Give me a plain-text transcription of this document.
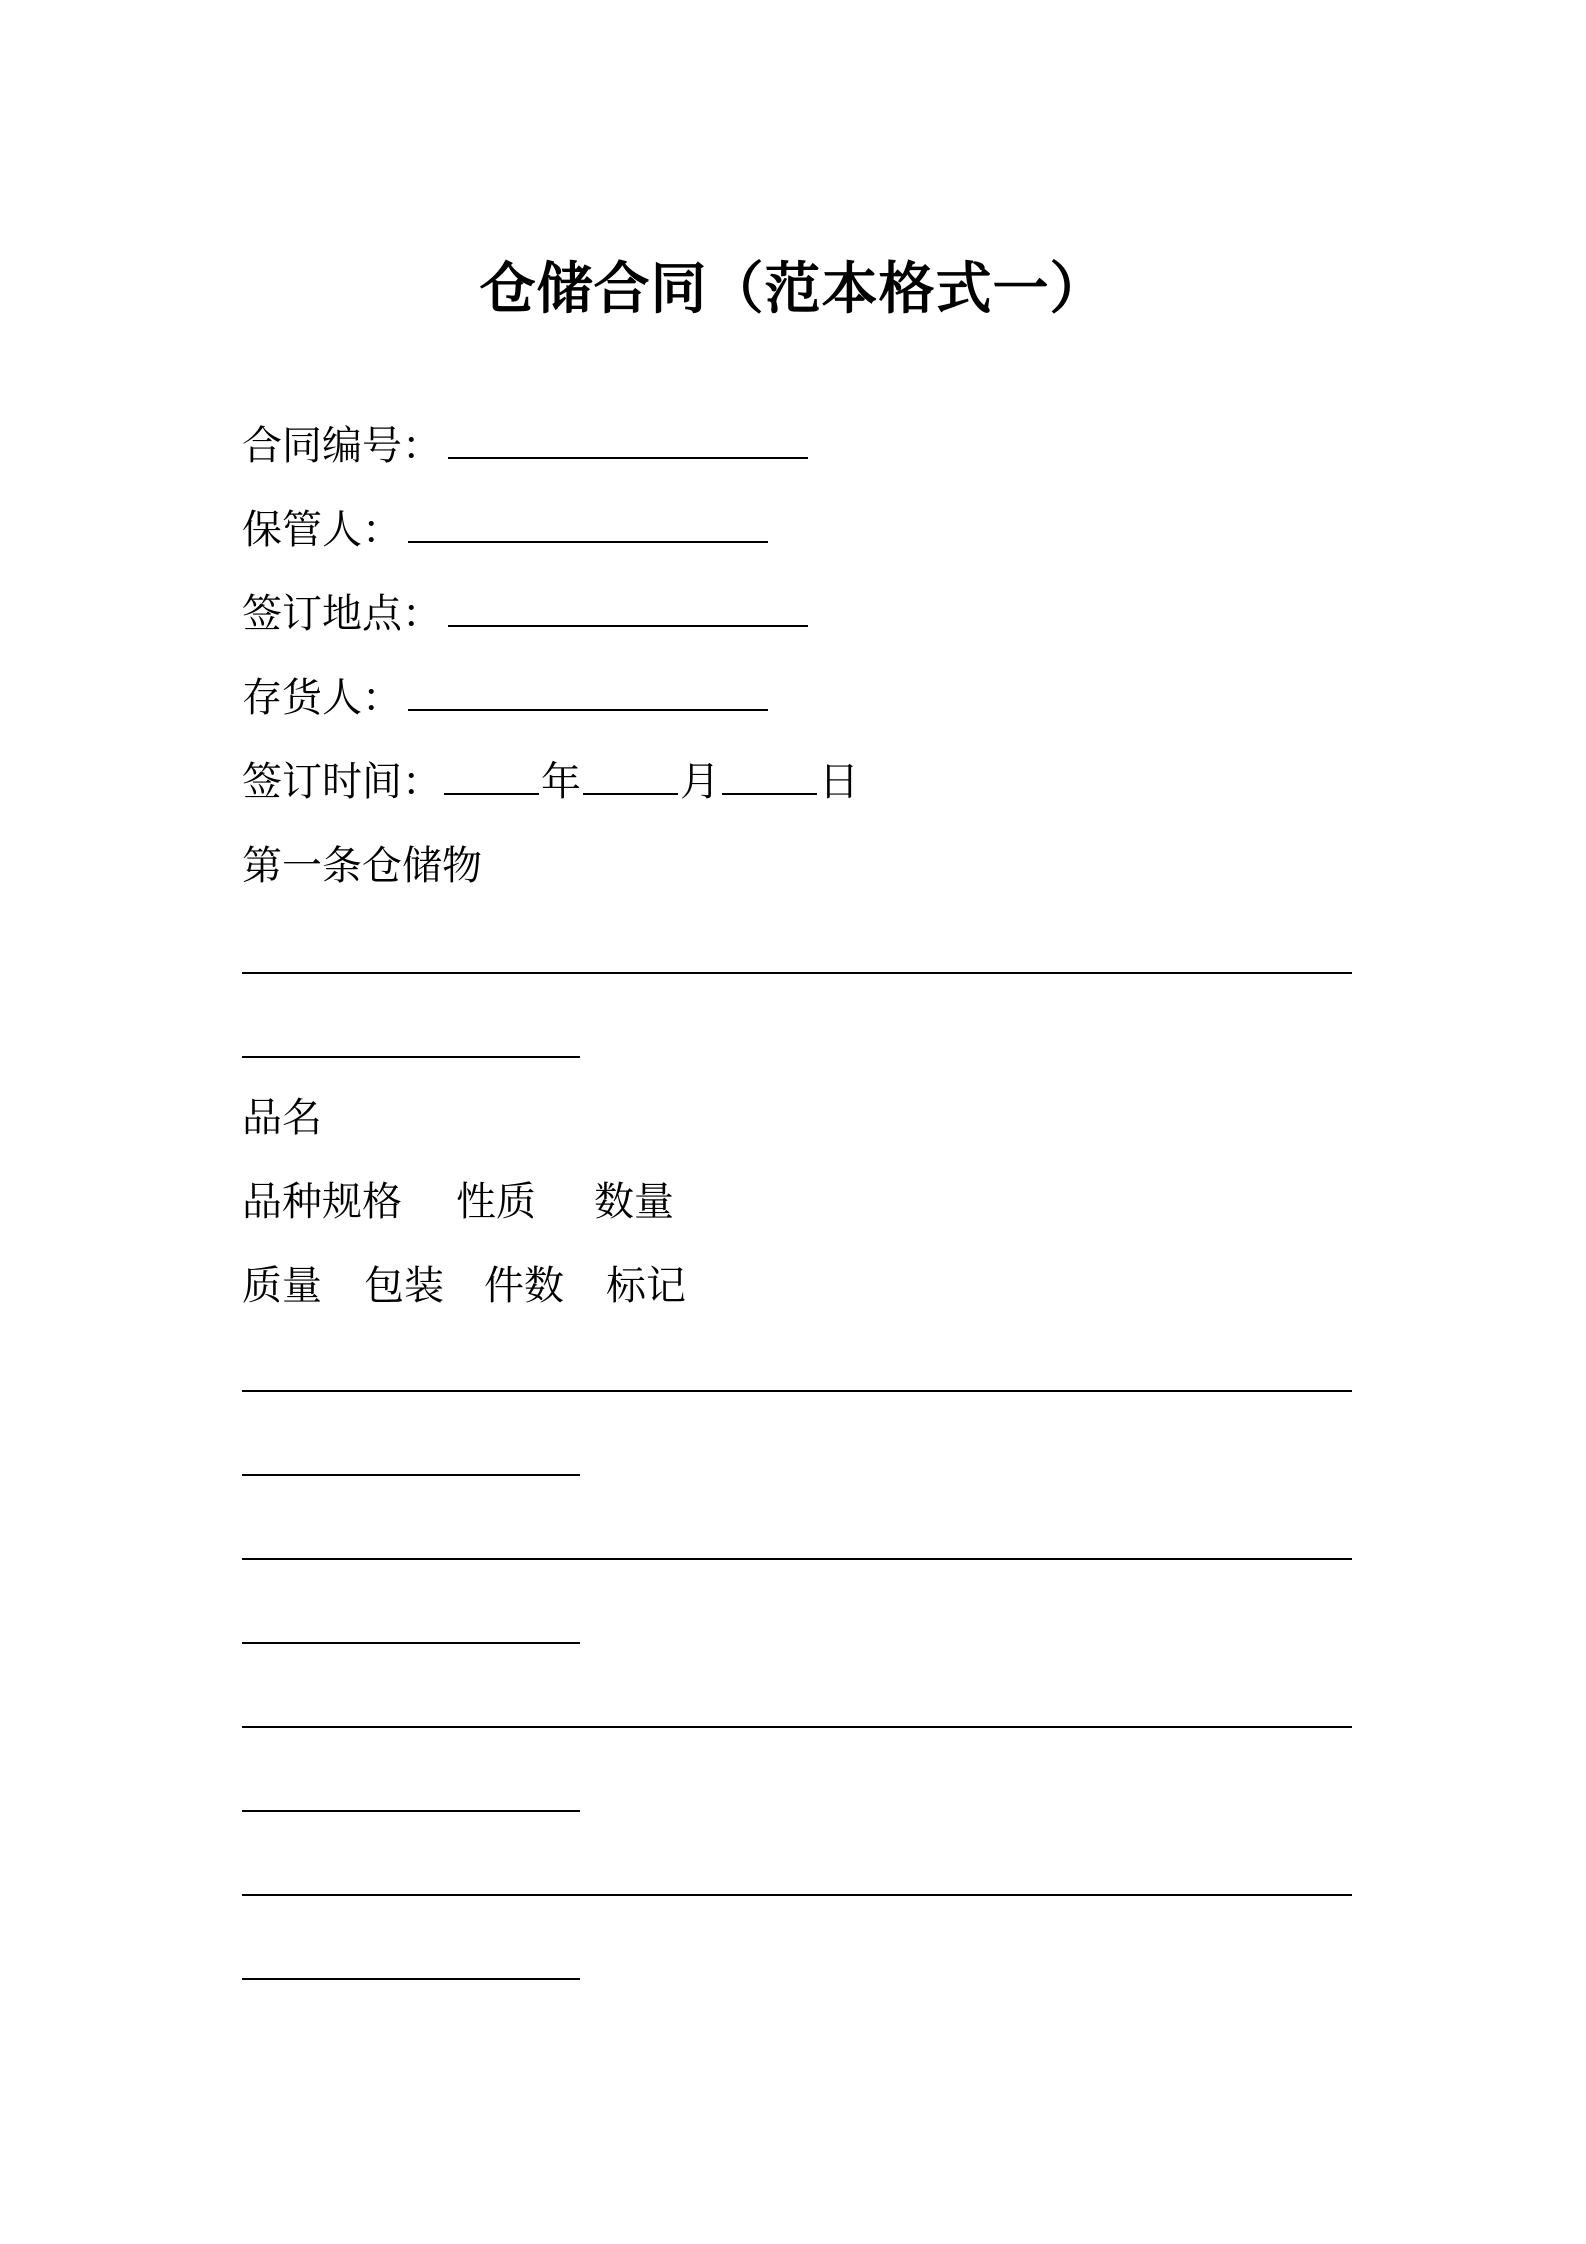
仓储合同（范本格式一）
合同编号：
保管人：
签订地点：
存货人：
签订时间： 年 月 日
第一条仓储物
品名
品种规格 性质 数量
质量 包装 件数 标记
